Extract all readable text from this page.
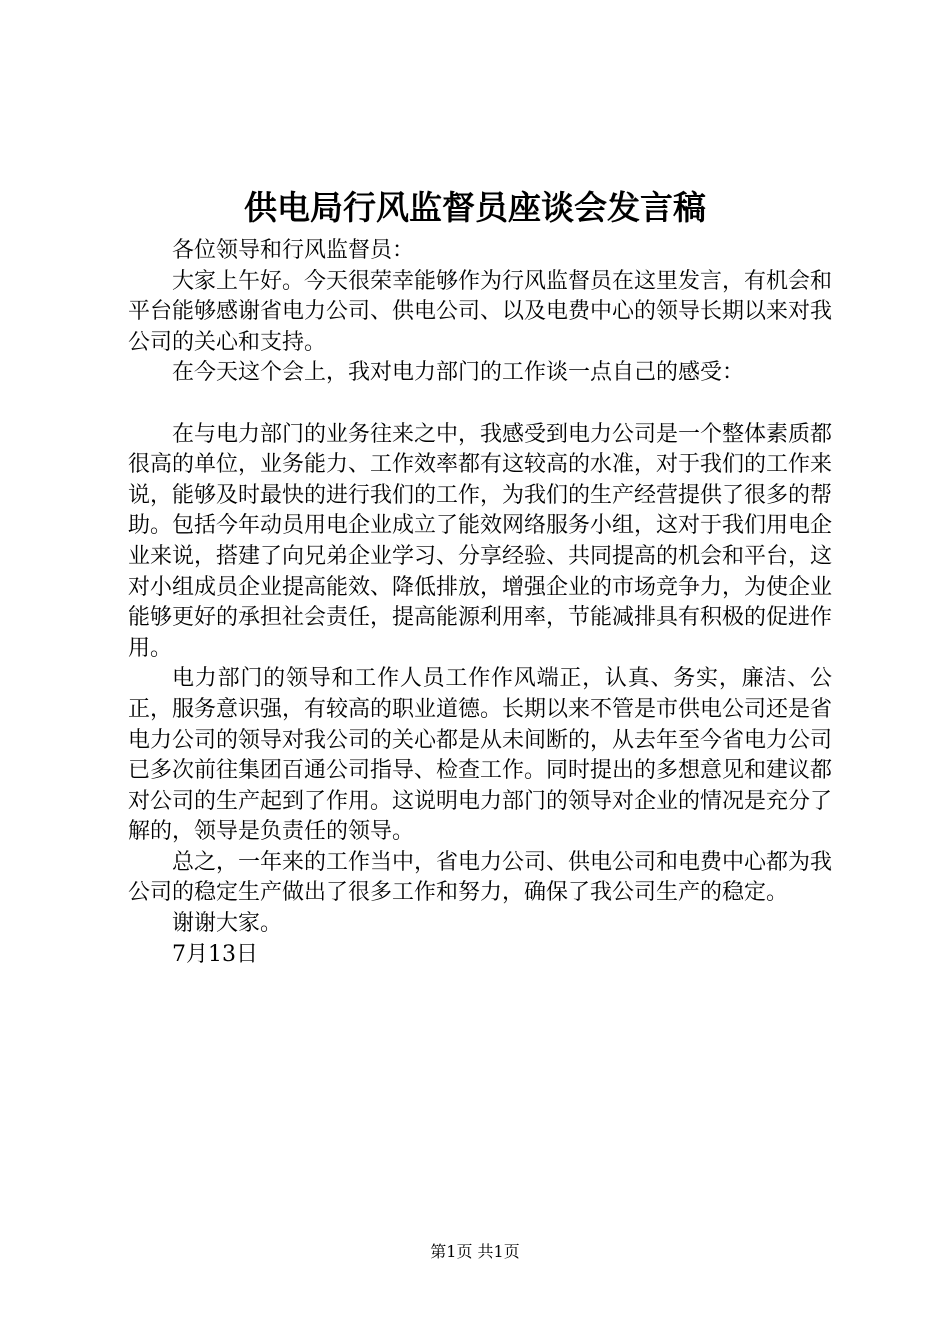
供电局行风监督员座谈会发言稿

各位领导和行风监督员：

大家上午好。今天很荣幸能够作为行风监督员在这里发言，有机会和平台能够感谢省电力公司、供电公司、以及电费中心的领导长期以来对我公司的关心和支持。

在今天这个会上，我对电力部门的工作谈一点自己的感受：

在与电力部门的业务往来之中，我感受到电力公司是一个整体素质都很高的单位，业务能力、工作效率都有这较高的水准，对于我们的工作来说，能够及时最快的进行我们的工作，为我们的生产经营提供了很多的帮助。包括今年动员用电企业成立了能效网络服务小组，这对于我们用电企业来说，搭建了向兄弟企业学习、分享经验、共同提高的机会和平台，这对小组成员企业提高能效、降低排放，增强企业的市场竞争力，为使企业能够更好的承担社会责任，提高能源利用率，节能减排具有积极的促进作用。

电力部门的领导和工作人员工作作风端正，认真、务实，廉洁、公正，服务意识强，有较高的职业道德。长期以来不管是市供电公司还是省电力公司的领导对我公司的关心都是从未间断的，从去年至今省电力公司已多次前往集团百通公司指导、检查工作。同时提出的多想意见和建议都对公司的生产起到了作用。这说明电力部门的领导对企业的情况是充分了解的，领导是负责任的领导。

总之，一年来的工作当中，省电力公司、供电公司和电费中心都为我公司的稳定生产做出了很多工作和努力，确保了我公司生产的稳定。

谢谢大家。

7月13日

第1页 共1页
